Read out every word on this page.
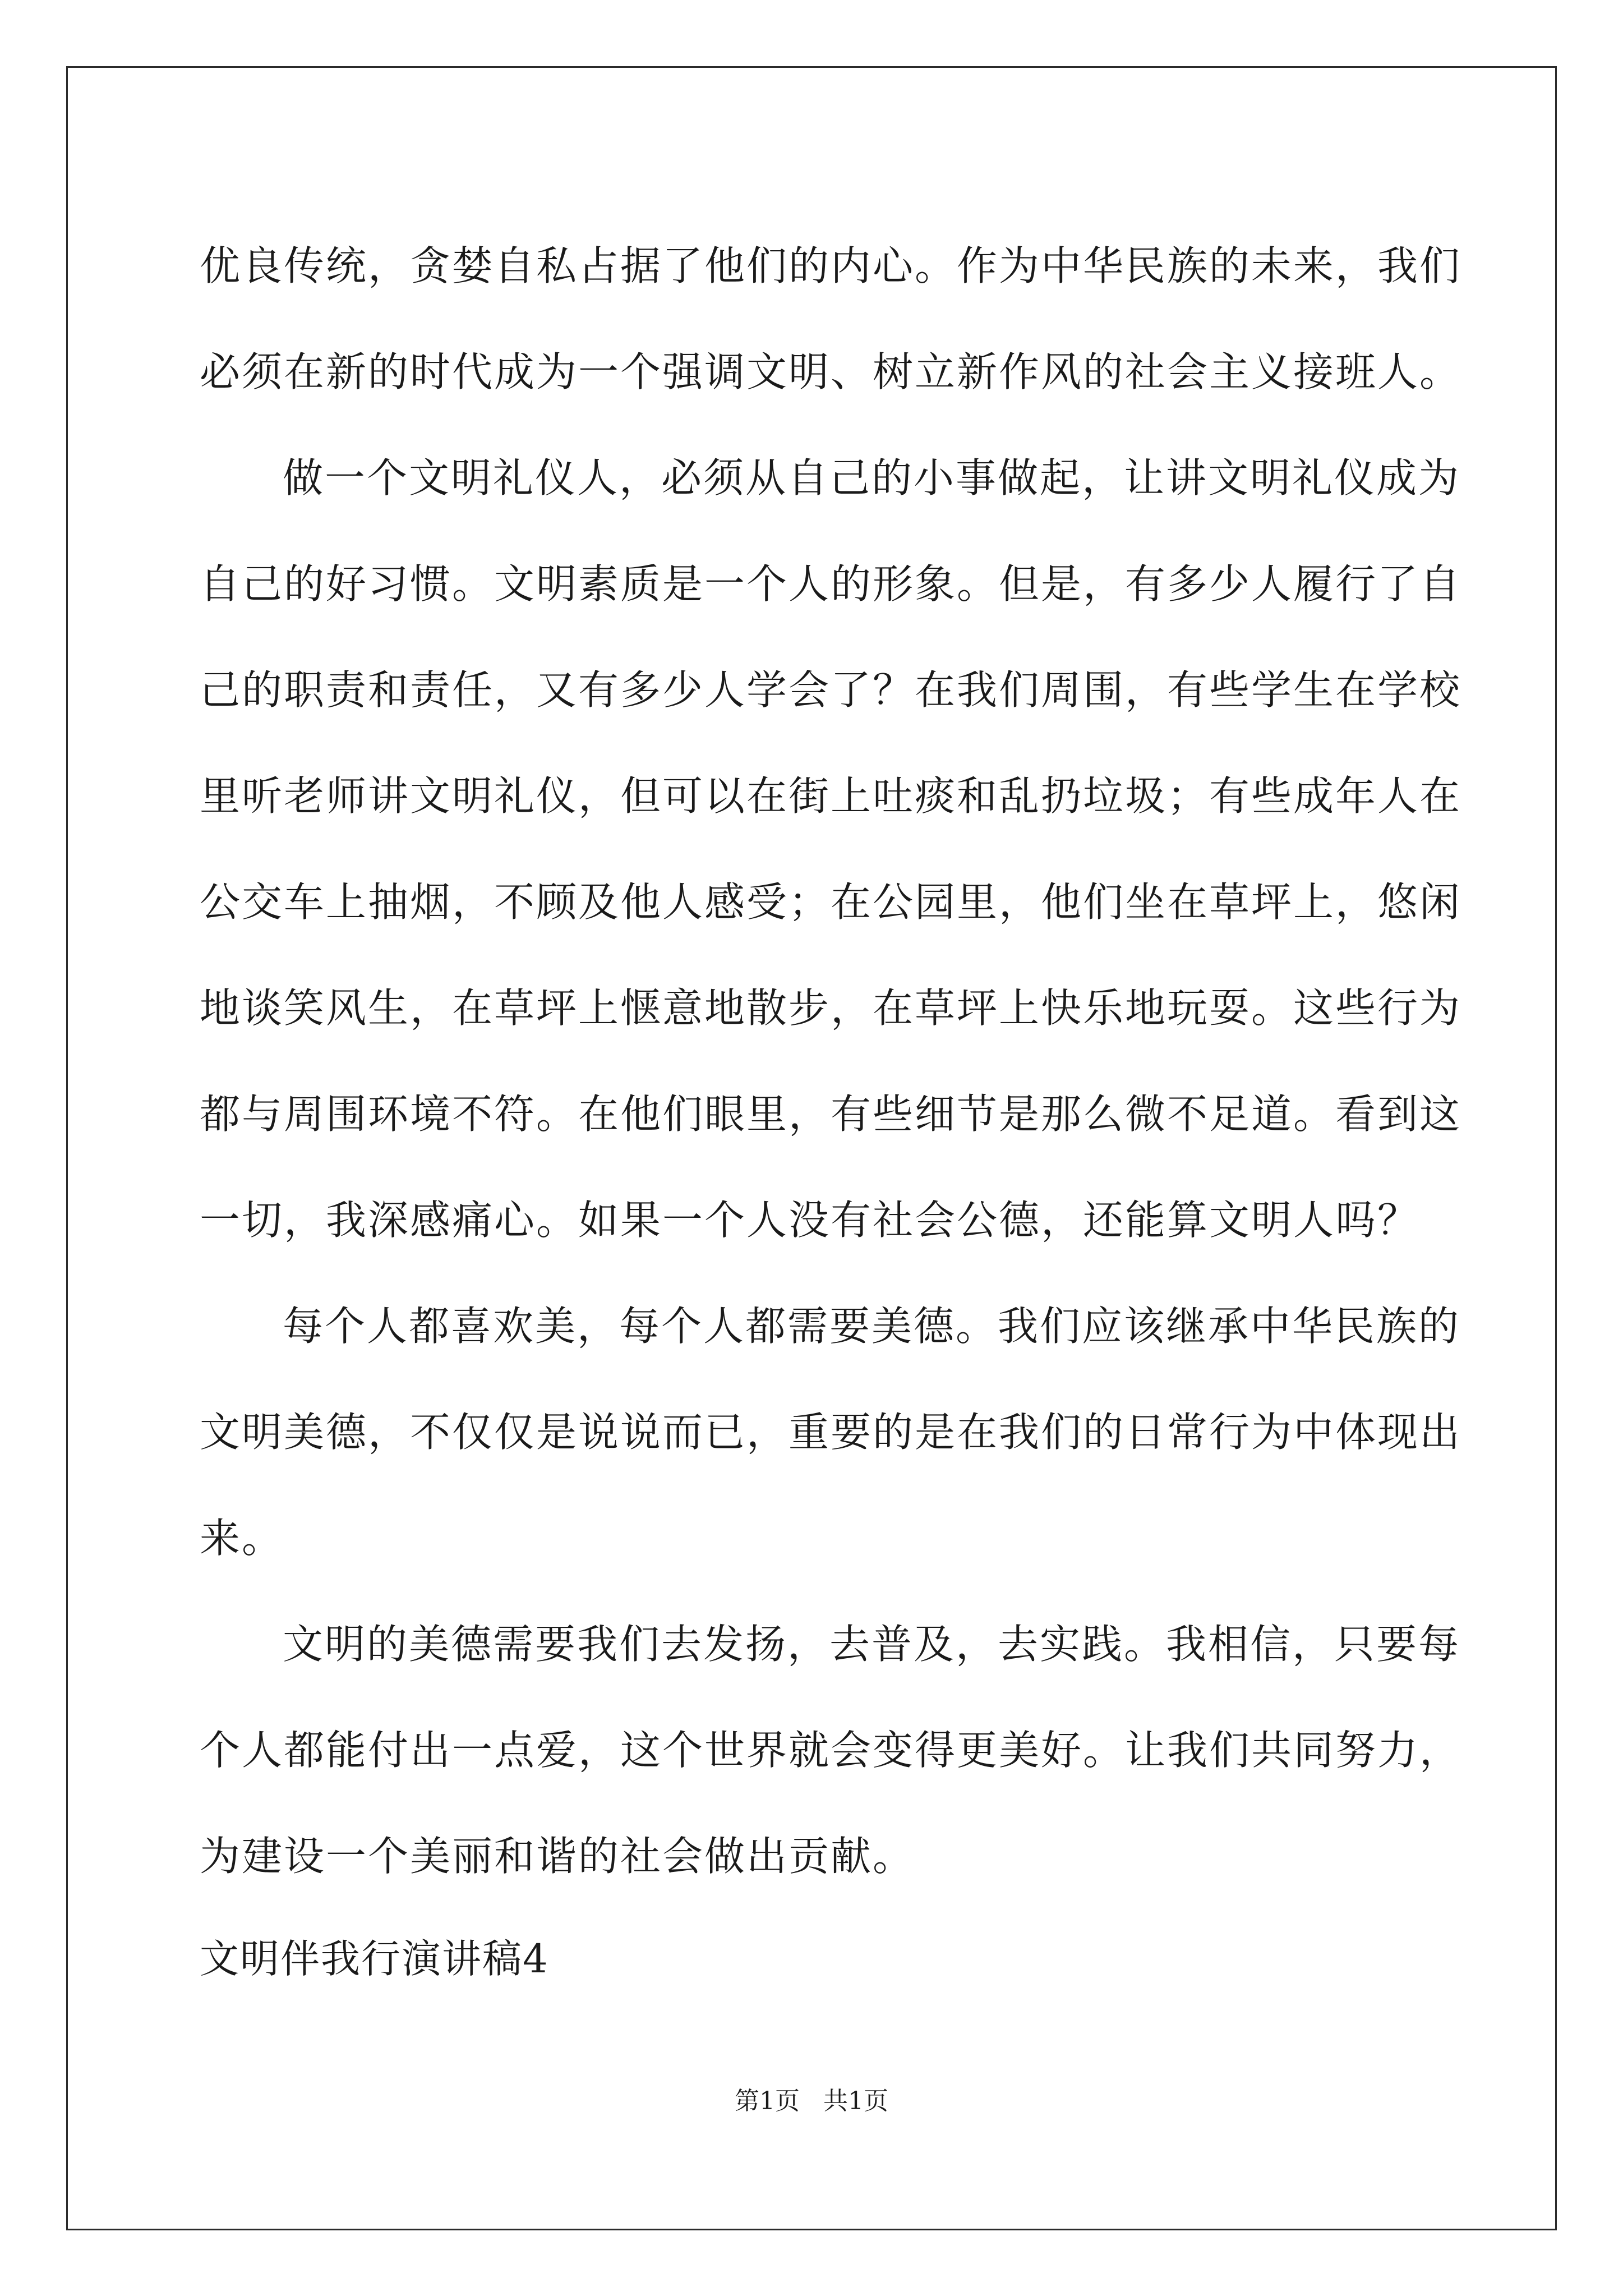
优良传统，贪婪自私占据了他们的内心。作为中华民族的未来，我们
必须在新的时代成为一个强调文明、树立新作风的社会主义接班人。
做一个文明礼仪人，必须从自己的小事做起，让讲文明礼仪成为
自己的好习惯。文明素质是一个人的形象。但是，有多少人履行了自
己的职责和责任，又有多少人学会了？在我们周围，有些学生在学校
里听老师讲文明礼仪，但可以在街上吐痰和乱扔垃圾；有些成年人在
公交车上抽烟，不顾及他人感受；在公园里，他们坐在草坪上，悠闲
地谈笑风生，在草坪上惬意地散步，在草坪上快乐地玩耍。这些行为
都与周围环境不符。在他们眼里，有些细节是那么微不足道。看到这
一切，我深感痛心。如果一个人没有社会公德，还能算文明人吗？
每个人都喜欢美，每个人都需要美德。我们应该继承中华民族的
文明美德，不仅仅是说说而已，重要的是在我们的日常行为中体现出
来。
文明的美德需要我们去发扬，去普及，去实践。我相信，只要每
个人都能付出一点爱，这个世界就会变得更美好。让我们共同努力，
为建设一个美丽和谐的社会做出贡献。
文明伴我行演讲稿4
第1页   共1页
